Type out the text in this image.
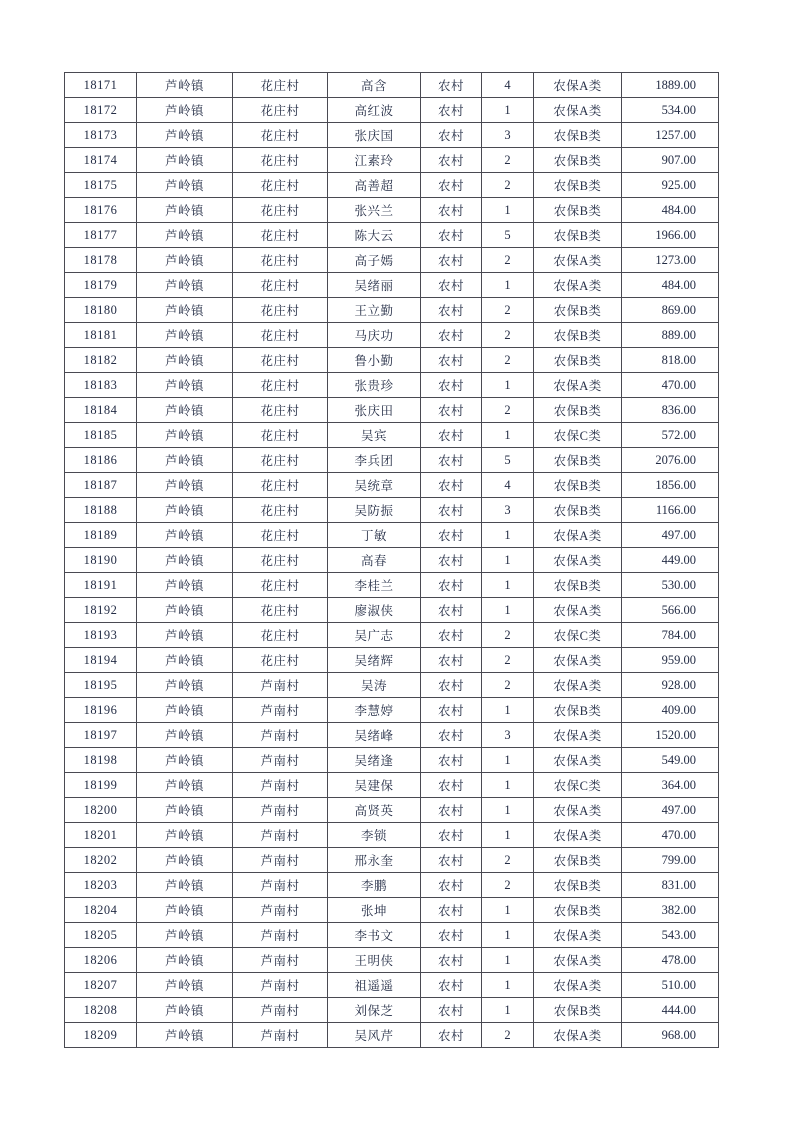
18171	芦岭镇	花庄村	高含	农村	4	农保A类	1889.00
18172	芦岭镇	花庄村	高红波	农村	1	农保A类	534.00
18173	芦岭镇	花庄村	张庆国	农村	3	农保B类	1257.00
18174	芦岭镇	花庄村	江素玲	农村	2	农保B类	907.00
18175	芦岭镇	花庄村	高善超	农村	2	农保B类	925.00
18176	芦岭镇	花庄村	张兴兰	农村	1	农保B类	484.00
18177	芦岭镇	花庄村	陈大云	农村	5	农保B类	1966.00
18178	芦岭镇	花庄村	高子嫣	农村	2	农保A类	1273.00
18179	芦岭镇	花庄村	吴绪丽	农村	1	农保A类	484.00
18180	芦岭镇	花庄村	王立勤	农村	2	农保B类	869.00
18181	芦岭镇	花庄村	马庆功	农村	2	农保B类	889.00
18182	芦岭镇	花庄村	鲁小勤	农村	2	农保B类	818.00
18183	芦岭镇	花庄村	张贵珍	农村	1	农保A类	470.00
18184	芦岭镇	花庄村	张庆田	农村	2	农保B类	836.00
18185	芦岭镇	花庄村	吴宾	农村	1	农保C类	572.00
18186	芦岭镇	花庄村	李兵团	农村	5	农保B类	2076.00
18187	芦岭镇	花庄村	吴统章	农村	4	农保B类	1856.00
18188	芦岭镇	花庄村	吴防振	农村	3	农保B类	1166.00
18189	芦岭镇	花庄村	丁敏	农村	1	农保A类	497.00
18190	芦岭镇	花庄村	高春	农村	1	农保A类	449.00
18191	芦岭镇	花庄村	李桂兰	农村	1	农保B类	530.00
18192	芦岭镇	花庄村	廖淑侠	农村	1	农保A类	566.00
18193	芦岭镇	花庄村	吴广志	农村	2	农保C类	784.00
18194	芦岭镇	花庄村	吴绪辉	农村	2	农保A类	959.00
18195	芦岭镇	芦南村	吴涛	农村	2	农保A类	928.00
18196	芦岭镇	芦南村	李慧婷	农村	1	农保B类	409.00
18197	芦岭镇	芦南村	吴绪峰	农村	3	农保A类	1520.00
18198	芦岭镇	芦南村	吴绪逢	农村	1	农保A类	549.00
18199	芦岭镇	芦南村	吴建保	农村	1	农保C类	364.00
18200	芦岭镇	芦南村	高贤英	农村	1	农保A类	497.00
18201	芦岭镇	芦南村	李锁	农村	1	农保A类	470.00
18202	芦岭镇	芦南村	邢永奎	农村	2	农保B类	799.00
18203	芦岭镇	芦南村	李鹏	农村	2	农保B类	831.00
18204	芦岭镇	芦南村	张坤	农村	1	农保B类	382.00
18205	芦岭镇	芦南村	李书文	农村	1	农保A类	543.00
18206	芦岭镇	芦南村	王明侠	农村	1	农保A类	478.00
18207	芦岭镇	芦南村	祖遥遥	农村	1	农保A类	510.00
18208	芦岭镇	芦南村	刘保芝	农村	1	农保B类	444.00
18209	芦岭镇	芦南村	吴风芹	农村	2	农保A类	968.00
